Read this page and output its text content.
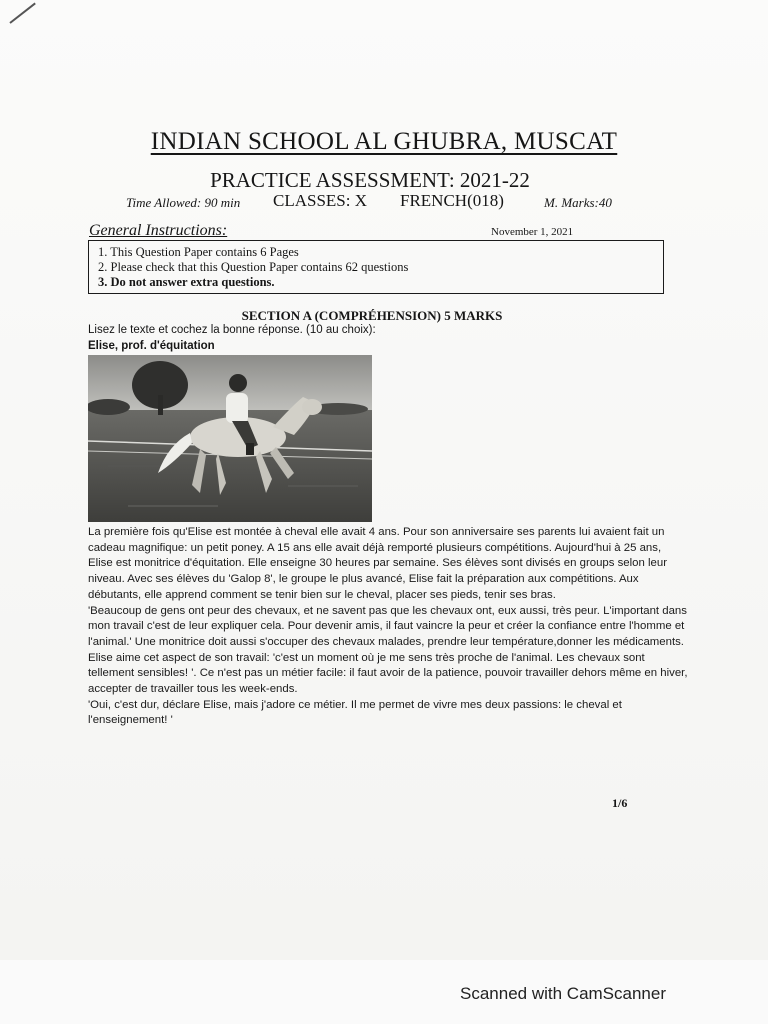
INDIAN SCHOOL AL GHUBRA, MUSCAT
PRACTICE ASSESSMENT: 2021-22
Time Allowed: 90 min CLASSES: X FRENCH(018)	M. Marks:40
General Instructions:	November 1, 2021
1. This Question Paper contains 6 Pages
2. Please check that this Question Paper contains 62 questions
3. Do not answer extra questions.
SECTION A (COMPRÉHENSION) 5 MARKS
Lisez le texte et cochez la bonne réponse. (10 au choix):
Elise, prof. d'équitation

La première fois qu'Elise est montée à cheval elle avait 4 ans. Pour son anniversaire ses parents lui avaient fait un cadeau magnifique: un petit poney. A 15 ans elle avait déjà remporté plusieurs compétitions. Aujourd'hui à 25 ans, Elise est monitrice d'équitation. Elle enseigne 30 heures par semaine. Ses élèves sont divisés en groups selon leur niveau. Avec ses élèves du 'Galop 8', le groupe le plus avancé, Elise fait la préparation aux compétitions. Aux débutants, elle apprend comment se tenir bien sur le cheval, placer ses pieds, tenir ses bras.

'Beaucoup de gens ont peur des chevaux, et ne savent pas que les chevaux ont, eux aussi, très peur. L'important dans mon travail c'est de leur expliquer cela. Pour devenir amis, il faut vaincre la peur et créer la confiance entre l'homme et l'animal.' Une monitrice doit aussi s'occuper des chevaux malades, prendre leur température,donner les médicaments. Elise aime cet aspect de son travail: 'c'est un moment où je me sens très proche de l'animal. Les chevaux sont tellement sensibles! '. Ce n'est pas un métier facile: il faut avoir de la patience, pouvoir travailler dehors même en hiver, accepter de travailler tous les week-ends.

'Oui, c'est dur, déclare Elise, mais j'adore ce métier. Il me permet de vivre mes deux passions: le cheval et l'enseignement! '

1/6
Scanned with CamScanner
